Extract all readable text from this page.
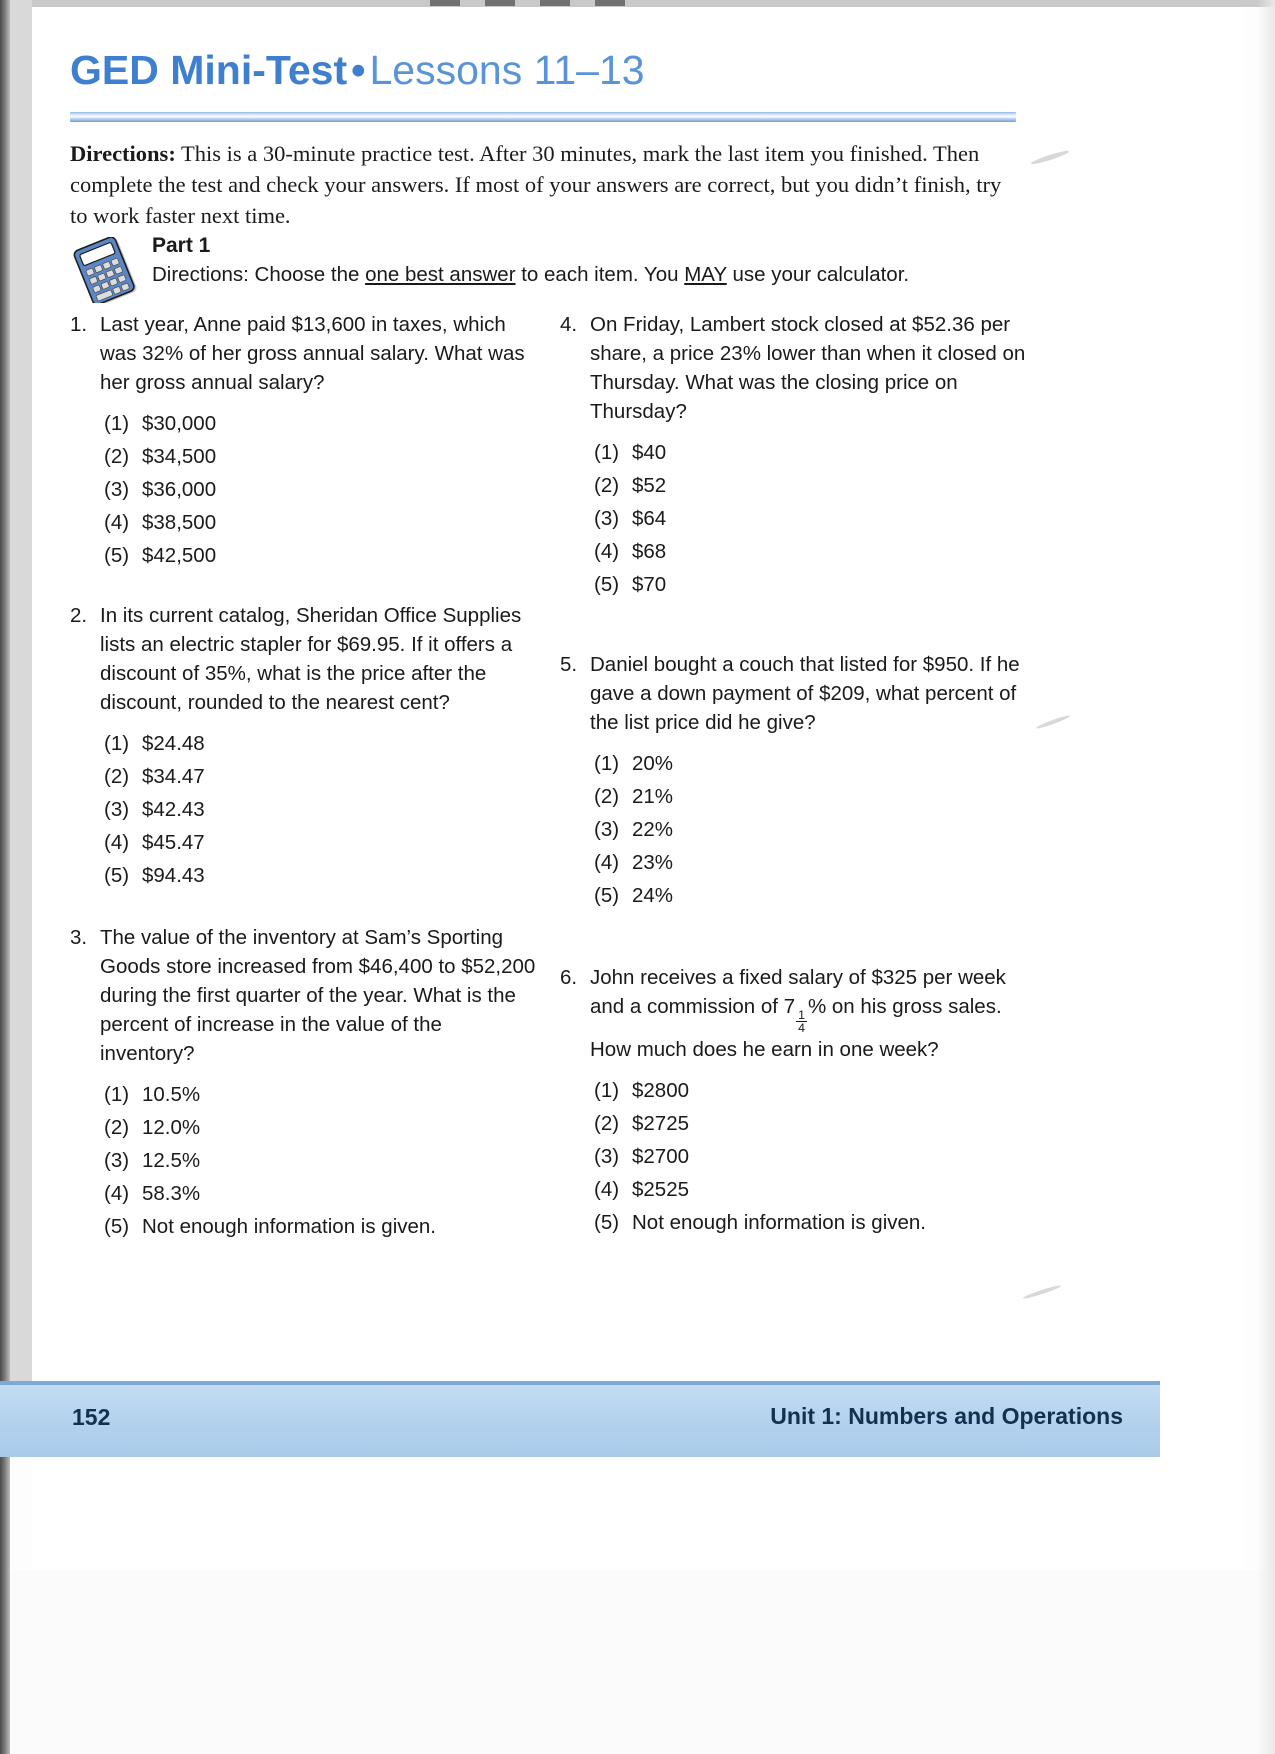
GED Mini-Test•Lessons 11–13
Directions: This is a 30-minute practice test. After 30 minutes, mark the last item you finished. Then complete the test and check your answers. If most of your answers are correct, but you didn’t finish, try to work faster next time.
Part 1
Directions: Choose the one best answer to each item. You MAY use your calculator.
1. Last year, Anne paid $13,600 in taxes, which was 32% of her gross annual salary. What was her gross annual salary?
(1) $30,000
(2) $34,500
(3) $36,000
(4) $38,500
(5) $42,500
2. In its current catalog, Sheridan Office Supplies lists an electric stapler for $69.95. If it offers a discount of 35%, what is the price after the discount, rounded to the nearest cent?
(1) $24.48
(2) $34.47
(3) $42.43
(4) $45.47
(5) $94.43
3. The value of the inventory at Sam’s Sporting Goods store increased from $46,400 to $52,200 during the first quarter of the year. What is the percent of increase in the value of the inventory?
(1) 10.5%
(2) 12.0%
(3) 12.5%
(4) 58.3%
(5) Not enough information is given.
4. On Friday, Lambert stock closed at $52.36 per share, a price 23% lower than when it closed on Thursday. What was the closing price on Thursday?
(1) $40
(2) $52
(3) $64
(4) $68
(5) $70
5. Daniel bought a couch that listed for $950. If he gave a down payment of $209, what percent of the list price did he give?
(1) 20%
(2) 21%
(3) 22%
(4) 23%
(5) 24%
6. John receives a fixed salary of $325 per week and a commission of 7
$\frac{1}{4}$
% on his gross sales. How much does he earn in one week?
(1) $2800
(2) $2725
(3) $2700
(4) $2525
(5) Not enough information is given.
152	Unit 1: Numbers and Operations
